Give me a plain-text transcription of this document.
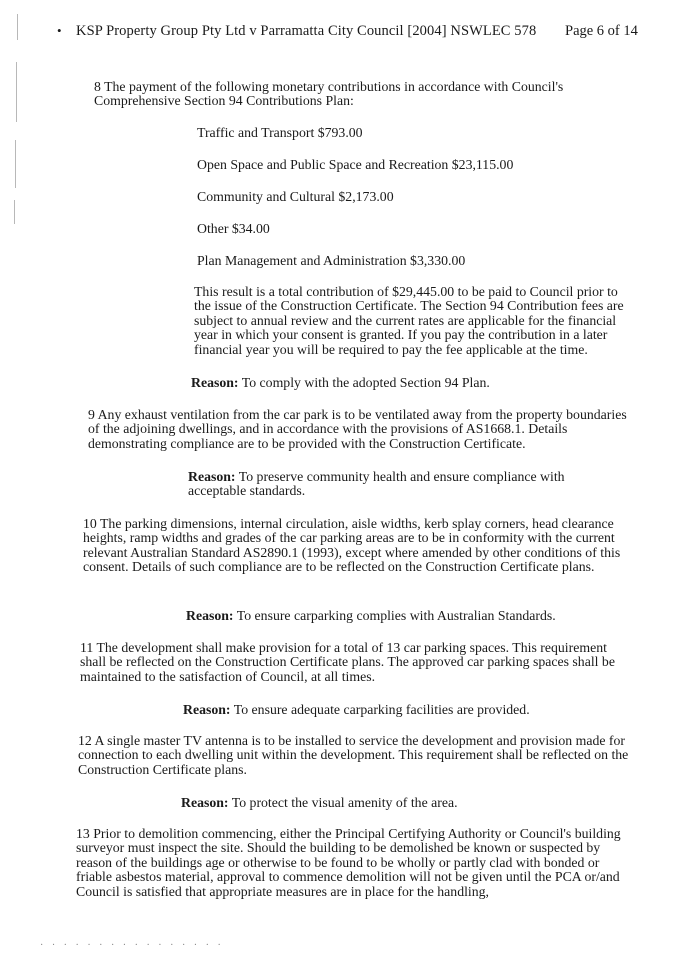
• KSP Property Group Pty Ltd v Parramatta City Council [2004] NSWLEC 578 Page 6 of 14

8 The payment of the following monetary contributions in accordance with Council's Comprehensive Section 94 Contributions Plan:

Traffic and Transport $793.00

Open Space and Public Space and Recreation $23,115.00

Community and Cultural $2,173.00

Other $34.00

Plan Management and Administration $3,330.00

This result is a total contribution of $29,445.00 to be paid to Council prior to the issue of the Construction Certificate. The Section 94 Contribution fees are subject to annual review and the current rates are applicable for the financial year in which your consent is granted. If you pay the contribution in a later financial year you will be required to pay the fee applicable at the time.

Reason: To comply with the adopted Section 94 Plan.

9 Any exhaust ventilation from the car park is to be ventilated away from the property boundaries of the adjoining dwellings, and in accordance with the provisions of AS1668.1. Details demonstrating compliance are to be provided with the Construction Certificate.

Reason: To preserve community health and ensure compliance with acceptable standards.

10 The parking dimensions, internal circulation, aisle widths, kerb splay corners, head clearance heights, ramp widths and grades of the car parking areas are to be in conformity with the current relevant Australian Standard AS2890.1 (1993), except where amended by other conditions of this consent. Details of such compliance are to be reflected on the Construction Certificate plans.

Reason: To ensure carparking complies with Australian Standards.

11 The development shall make provision for a total of 13 car parking spaces. This requirement shall be reflected on the Construction Certificate plans. The approved car parking spaces shall be maintained to the satisfaction of Council, at all times.

Reason: To ensure adequate carparking facilities are provided.

12 A single master TV antenna is to be installed to service the development and provision made for connection to each dwelling unit within the development. This requirement shall be reflected on the Construction Certificate plans.

Reason: To protect the visual amenity of the area.

13 Prior to demolition commencing, either the Principal Certifying Authority or Council's building surveyor must inspect the site. Should the building to be demolished be known or suspected by reason of the buildings age or otherwise to be found to be wholly or partly clad with bonded or friable asbestos material, approval to commence demolition will not be given until the PCA or/and Council is satisfied that appropriate measures are in place for the handling,

· · · · · · · · · · · · · · · ·
